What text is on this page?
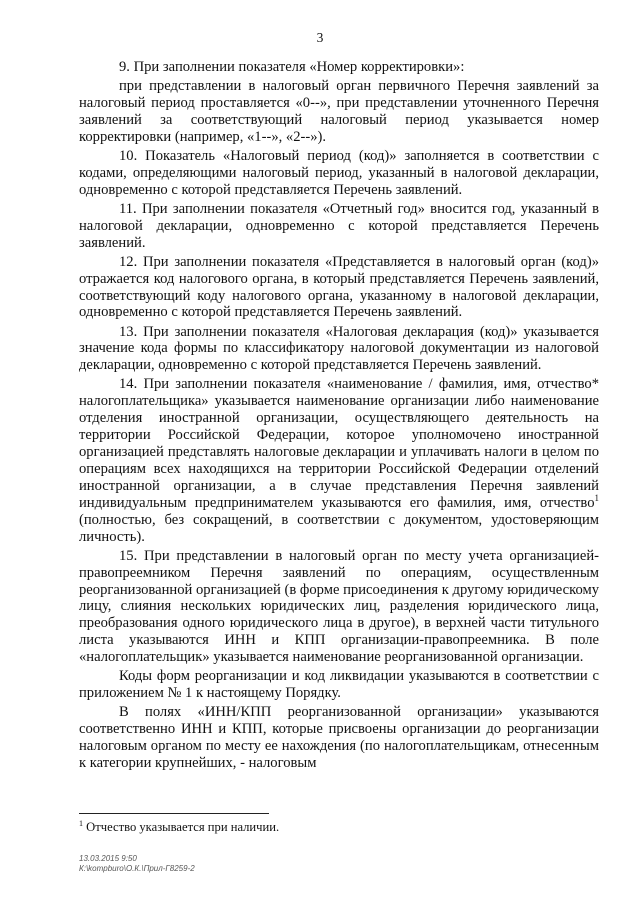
3

9. При заполнении показателя «Номер корректировки»:

при представлении в налоговый орган первичного Перечня заявлений за налоговый период проставляется «0--», при представлении уточненного Перечня заявлений за соответствующий налоговый период указывается номер корректировки (например, «1--», «2--»).

10. Показатель «Налоговый период (код)» заполняется в соответствии с кодами, определяющими налоговый период, указанный в налоговой декларации, одновременно с которой представляется Перечень заявлений.

11. При заполнении показателя «Отчетный год» вносится год, указанный в налоговой декларации, одновременно с которой представляется Перечень заявлений.

12. При заполнении показателя «Представляется в налоговый орган (код)» отражается код налогового органа, в который представляется Перечень заявлений, соответствующий коду налогового органа, указанному в налоговой декларации, одновременно с которой представляется Перечень заявлений.

13. При заполнении показателя «Налоговая декларация (код)» указывается значение кода формы по классификатору налоговой документации из налоговой декларации, одновременно с которой представляется Перечень заявлений.

14. При заполнении показателя «наименование / фамилия, имя, отчество* налогоплательщика» указывается наименование организации либо наименование отделения иностранной организации, осуществляющего деятельность на территории Российской Федерации, которое уполномочено иностранной организацией представлять налоговые декларации и уплачивать налоги в целом по операциям всех находящихся на территории Российской Федерации отделений иностранной организации, а в случае представления Перечня заявлений индивидуальным предпринимателем указываются его фамилия, имя, отчество$^1$ (полностью, без сокращений, в соответствии с документом, удостоверяющим личность).

15. При представлении в налоговый орган по месту учета организацией-правопреемником Перечня заявлений по операциям, осуществленным реорганизованной организацией (в форме присоединения к другому юридическому лицу, слияния нескольких юридических лиц, разделения юридического лица, преобразования одного юридического лица в другое), в верхней части титульного листа указываются ИНН и КПП организации-правопреемника. В поле «налогоплательщик» указывается наименование реорганизованной организации.

Коды форм реорганизации и код ликвидации указываются в соответствии с приложением № 1 к настоящему Порядку.

В полях «ИНН/КПП реорганизованной организации» указываются соответственно ИНН и КПП, которые присвоены организации до реорганизации налоговым органом по месту ее нахождения (по налогоплательщикам, отнесенным к категории крупнейших, - налоговым

$^1$ Отчество указывается при наличии.
13.03.2015 9:50
К:\kompburo\О.К.\Прил-Г8259-2
